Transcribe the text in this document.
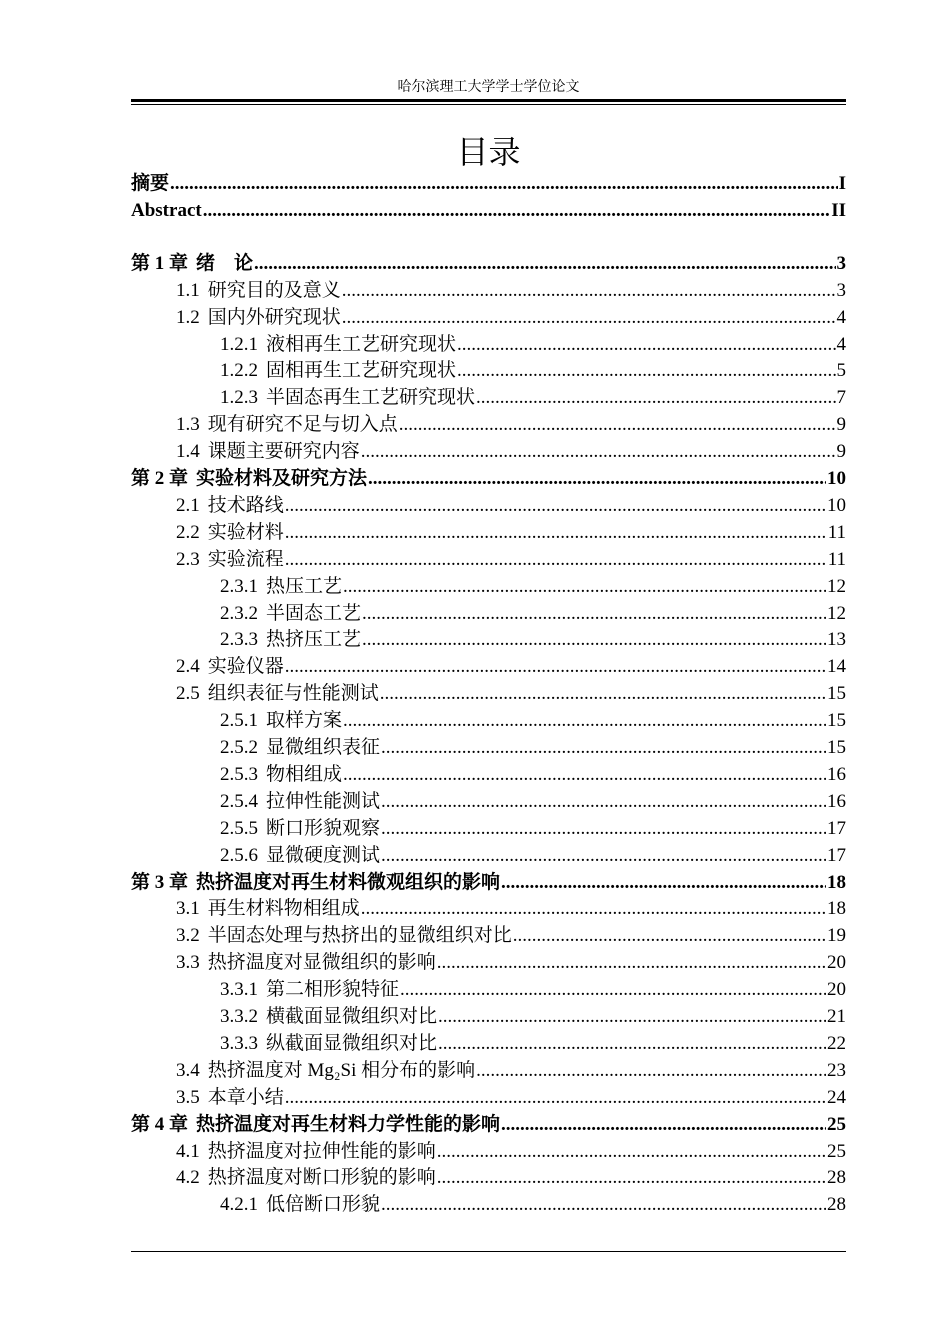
哈尔滨理工大学学士学位论文
目录
摘要 .....	I
Abstract .....	II
第 1 章 绪　论 .....	3
1.1 研究目的及意义 .....	3
1.2 国内外研究现状 .....	4
1.2.1 液相再生工艺研究现状 .....	4
1.2.2 固相再生工艺研究现状 .....	5
1.2.3 半固态再生工艺研究现状 .....	7
1.3 现有研究不足与切入点 .....	9
1.4 课题主要研究内容 .....	9
第 2 章 实验材料及研究方法 .....	10
2.1 技术路线 .....	10
2.2 实验材料 .....	11
2.3 实验流程 .....	11
2.3.1 热压工艺 .....	12
2.3.2 半固态工艺 .....	12
2.3.3 热挤压工艺 .....	13
2.4 实验仪器 .....	14
2.5 组织表征与性能测试 .....	15
2.5.1 取样方案 .....	15
2.5.2 显微组织表征 .....	15
2.5.3 物相组成 .....	16
2.5.4 拉伸性能测试 .....	16
2.5.5 断口形貌观察 .....	17
2.5.6 显微硬度测试 .....	17
第 3 章 热挤温度对再生材料微观组织的影响 .....	18
3.1 再生材料物相组成 .....	18
3.2 半固态处理与热挤出的显微组织对比 .....	19
3.3 热挤温度对显微组织的影响 .....	20
3.3.1 第二相形貌特征 .....	20
3.3.2 横截面显微组织对比 .....	21
3.3.3 纵截面显微组织对比 .....	22
3.4 热挤温度对 Mg₂Si 相分布的影响 .....	23
3.5 本章小结 .....	24
第 4 章 热挤温度对再生材料力学性能的影响 .....	25
4.1 热挤温度对拉伸性能的影响 .....	25
4.2 热挤温度对断口形貌的影响 .....	28
4.2.1 低倍断口形貌 .....	28
